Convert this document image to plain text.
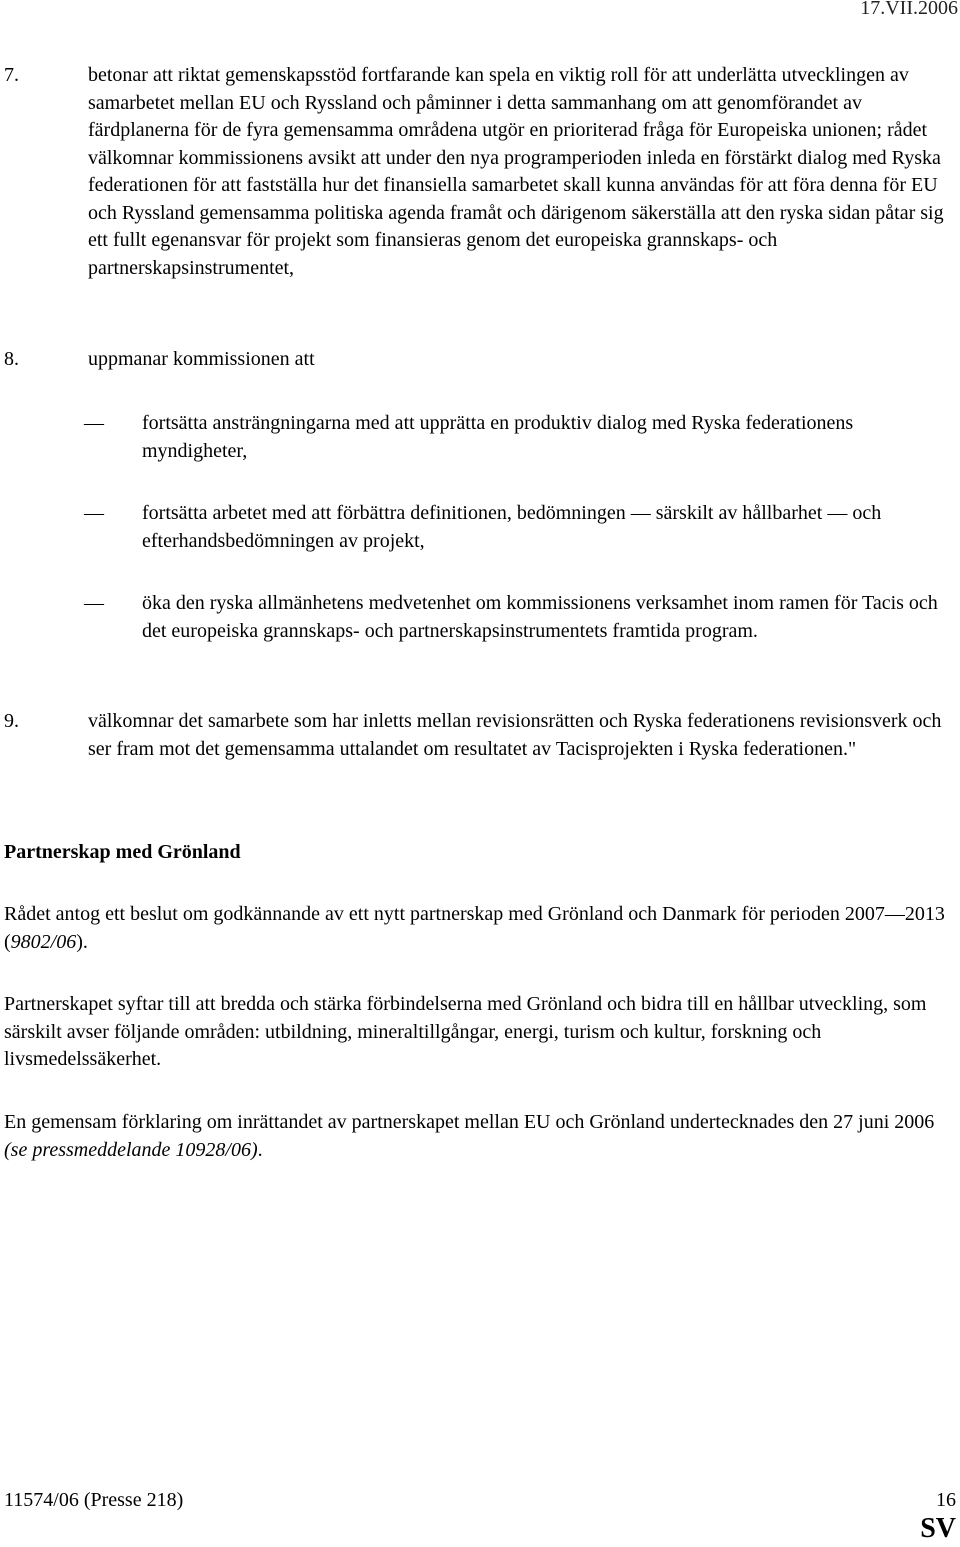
17.VII.2006
7.	betonar att riktat gemenskapsstöd fortfarande kan spela en viktig roll för att underlätta utvecklingen av samarbetet mellan EU och Ryssland och påminner i detta sammanhang om att genomförandet av färdplanerna för de fyra gemensamma områdena utgör en prioriterad fråga för Europeiska unionen; rådet välkomnar kommissionens avsikt att under den nya programperioden inleda en förstärkt dialog med Ryska federationen för att fastställa hur det finansiella samarbetet skall kunna användas för att föra denna för EU och Ryssland gemensamma politiska agenda framåt och därigenom säkerställa att den ryska sidan påtar sig ett fullt egenansvar för projekt som finansieras genom det europeiska grannskaps- och partnerskapsinstrumentet,
8.	uppmanar kommissionen att
—	fortsätta ansträngningarna med att upprätta en produktiv dialog med Ryska federationens myndigheter,
—	fortsätta arbetet med att förbättra definitionen, bedömningen — särskilt av hållbarhet — och efterhandsbedömningen av projekt,
—	öka den ryska allmänhetens medvetenhet om kommissionens verksamhet inom ramen för Tacis och det europeiska grannskaps- och partnerskapsinstrumentets framtida program.
9.	välkomnar det samarbete som har inletts mellan revisionsrätten och Ryska federationens revisionsverk och ser fram mot det gemensamma uttalandet om resultatet av Tacisprojekten i Ryska federationen."
Partnerskap med Grönland
Rådet antog ett beslut om godkännande av ett nytt partnerskap med Grönland och Danmark för perioden 2007—2013 (9802/06).
Partnerskapet syftar till att bredda och stärka förbindelserna med Grönland och bidra till en hållbar utveckling, som särskilt avser följande områden: utbildning, mineraltillgångar, energi, turism och kultur, forskning och livsmedelssäkerhet.
En gemensam förklaring om inrättandet av partnerskapet mellan EU och Grönland undertecknades den 27 juni 2006 (se pressmeddelande 10928/06).
11574/06 (Presse 218)	16
SV
